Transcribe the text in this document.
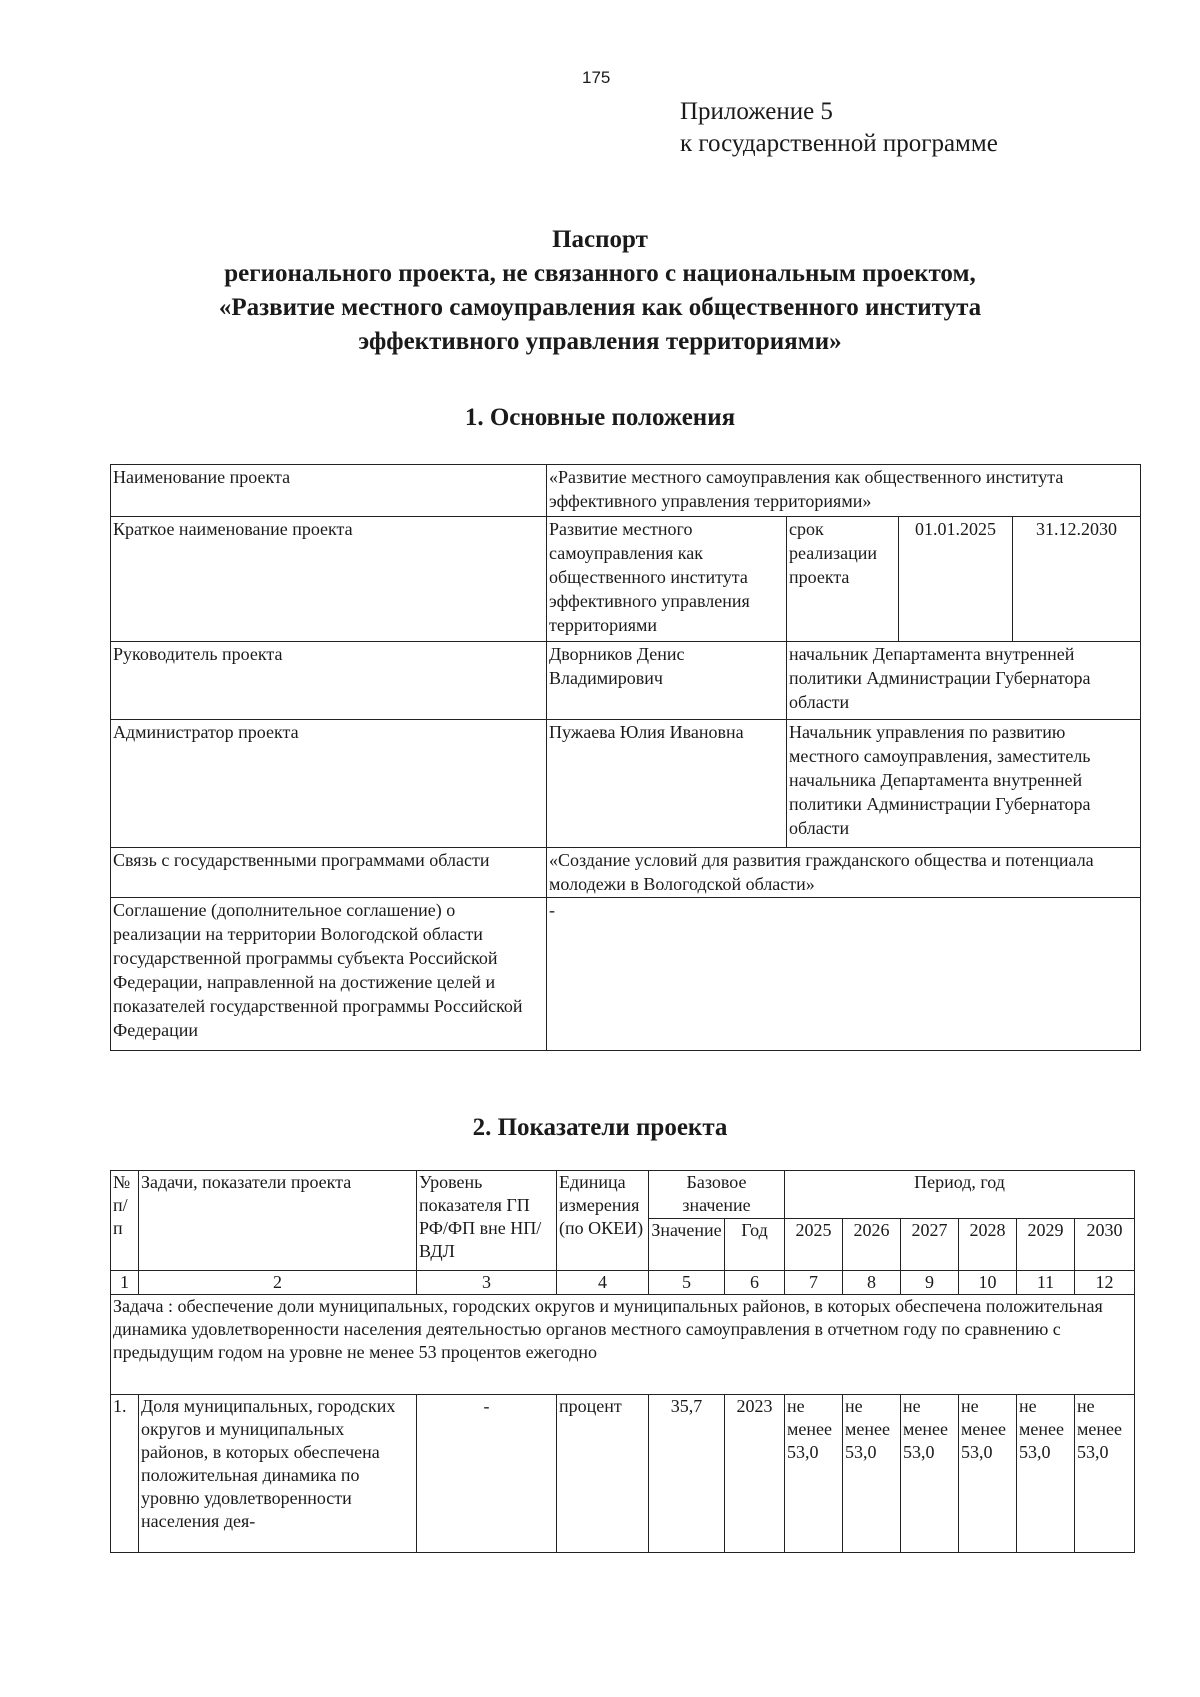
175
Приложение 5
к государственной программе
Паспорт
регионального проекта, не связанного с национальным проектом,
«Развитие местного самоуправления как общественного института
эффективного управления территориями»
1. Основные положения
Наименование проекта	«Развитие местного самоуправления как общественного института эффективного управления территориями»			
Краткое наименование проекта	Развитие местного самоуправления как общественного института эффективного управления территориями	срок реализации проекта	01.01.2025	31.12.2030
Руководитель проекта	Дворников Денис Владимирович	начальник Департамента внутренней политики Администрации Губернатора области		
Администратор проекта	Пужаева Юлия Ивановна	Начальник управления по развитию местного самоуправления, заместитель начальника Департамента внутренней политики Администрации Губернатора области		
Связь с государственными программами области	«Создание условий для развития гражданского общества и потенциала молодежи в Вологодской области»			
Соглашение (дополнительное соглашение) о реализации на территории Вологодской области государственной программы субъекта Российской Федерации, направленной на достижение целей и показателей государственной программы Российской Федерации	-			
2. Показатели проекта
№ п/п	Задачи, показатели проекта	Уровень показателя ГП РФ/ФП вне НП/ВДЛ	Единица измерения (по ОКЕИ)	Базовое значение		Период, год					
				Значение	Год	2025	2026	2027	2028	2029	2030
1	2	3	4	5	6	7	8	9	10	11	12
Задача : обеспечение доли муниципальных, городских округов и муниципальных районов, в которых обеспечена положительная динамика удовлетворенности населения деятельностью органов местного самоуправления в отчетном году по сравнению с предыдущим годом на уровне не менее 53 процентов ежегодно											
1.	Доля муниципальных, городских округов и муниципальных районов, в которых обеспечена положительная динамика по уровню удовлетворенности населения дея-	-	процент	35,7	2023	не менее 53,0	не менее 53,0	не менее 53,0	не менее 53,0	не менее 53,0	не менее 53,0
